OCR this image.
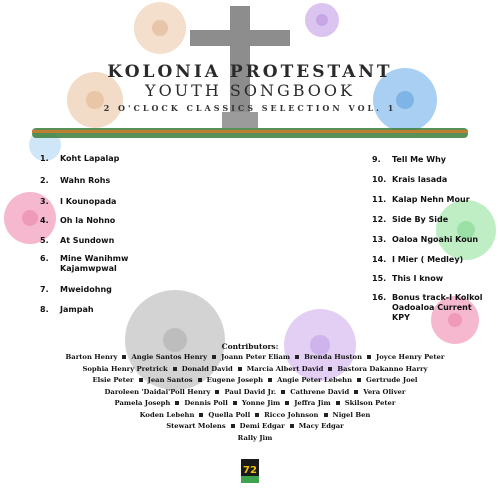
KOLONIA PROTESTANT
YOUTH SONGBOOK
2 O'CLOCK CLASSICS SELECTION VOL. 1
1.	Koht Lapalap
2.	Wahn Rohs
3.	I Kounopada
4.	Oh la Nohno
5.	At Sundown
6.	Mine Wanihmw Kajamwpwal
7.	Mweidohng
8.	Jampah
9.	Tell Me Why
10. Krais lasada
11. Kalap Nehn Mour
12. Side By Side
13. Oaloa Ngoahi Koun
14. I Mier ( Medley)
15. This I know
16. Bonus track-I Kolkol Oadoaloa Current KPY
Contributors:
Barton Henry Angie Santos Henry Joann Peter Eliam Brenda Huston Joyce Henry Peter
Sophia Henry Pretrick Donald David Marcia Albert David Bastora Dakanno Harry
Elsie Peter Jean Santos Eugene Joseph Angie Peter Lebehn Gertrude Joel
Daroleen 'Daidai'Poll Henry Paul David Jr. Cathrene David Vera Oliver
Pamela Joseph Dennis Poll Yonne Jim Jeffra Jim Skilson Peter
Koden Lebehn Quella Poll Ricco Johnson Nigel Ben
Stewart Molens Demi Edgar Macy Edgar
Rally Jim
72
